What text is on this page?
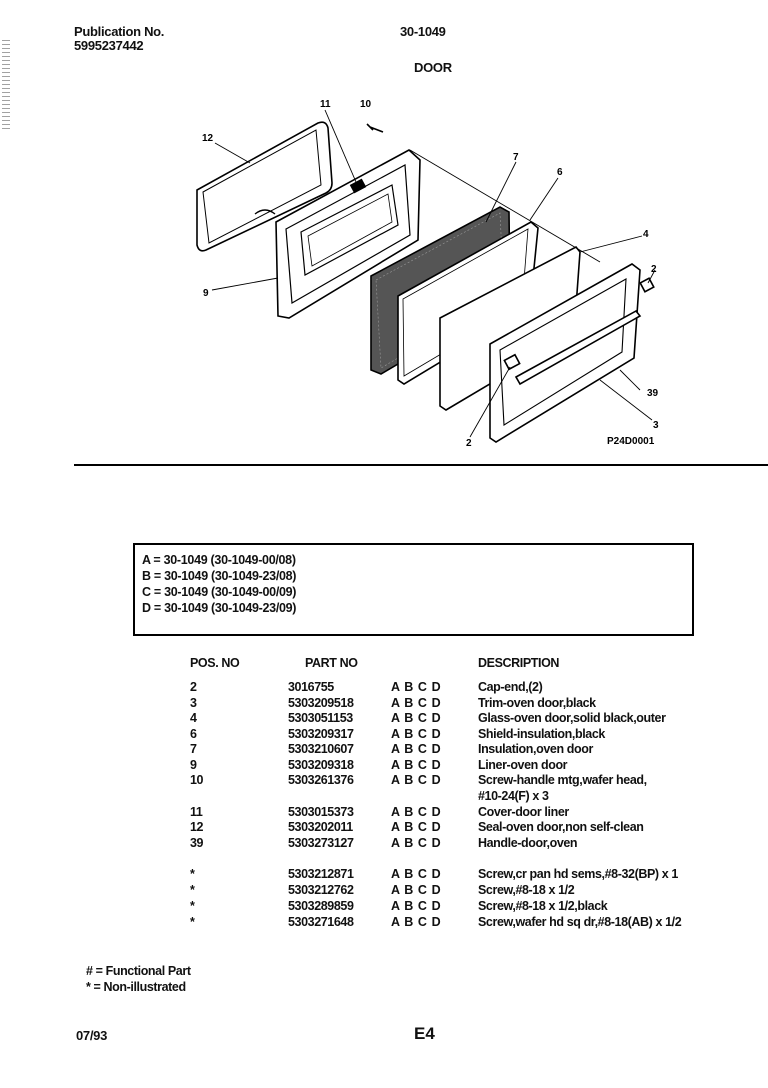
Publication No.
5995237442
30-1049
DOOR
11	10
12
7
6
4
2
9
39
3
2	P24D0001
A = 30-1049 (30-1049-00/08)
B = 30-1049 (30-1049-23/08)
C = 30-1049 (30-1049-00/09)
D = 30-1049 (30-1049-23/09)
POS. NO	PART NO	DESCRIPTION
2	3016755	A B C D	Cap-end,(2)
3	5303209518	A B C D	Trim-oven door,black
4	5303051153	A B C D	Glass-oven door,solid black,outer
6	5303209317	A B C D	Shield-insulation,black
7	5303210607	A B C D	Insulation,oven door
9	5303209318	A B C D	Liner-oven door
10	5303261376	A B C D	Screw-handle mtg,wafer head,
#10-24(F) x 3
11	5303015373	A B C D	Cover-door liner
12	5303202011	A B C D	Seal-oven door,non self-clean
39	5303273127	A B C D	Handle-door,oven
*	5303212871	A B C D	Screw,cr pan hd sems,#8-32(BP) x 1
*	5303212762	A B C D	Screw,#8-18 x 1/2
*	5303289859	A B C D	Screw,#8-18 x 1/2,black
*	5303271648	A B C D	Screw,wafer hd sq dr,#8-18(AB) x 1/2
# = Functional Part
* = Non-illustrated
07/93	E4
